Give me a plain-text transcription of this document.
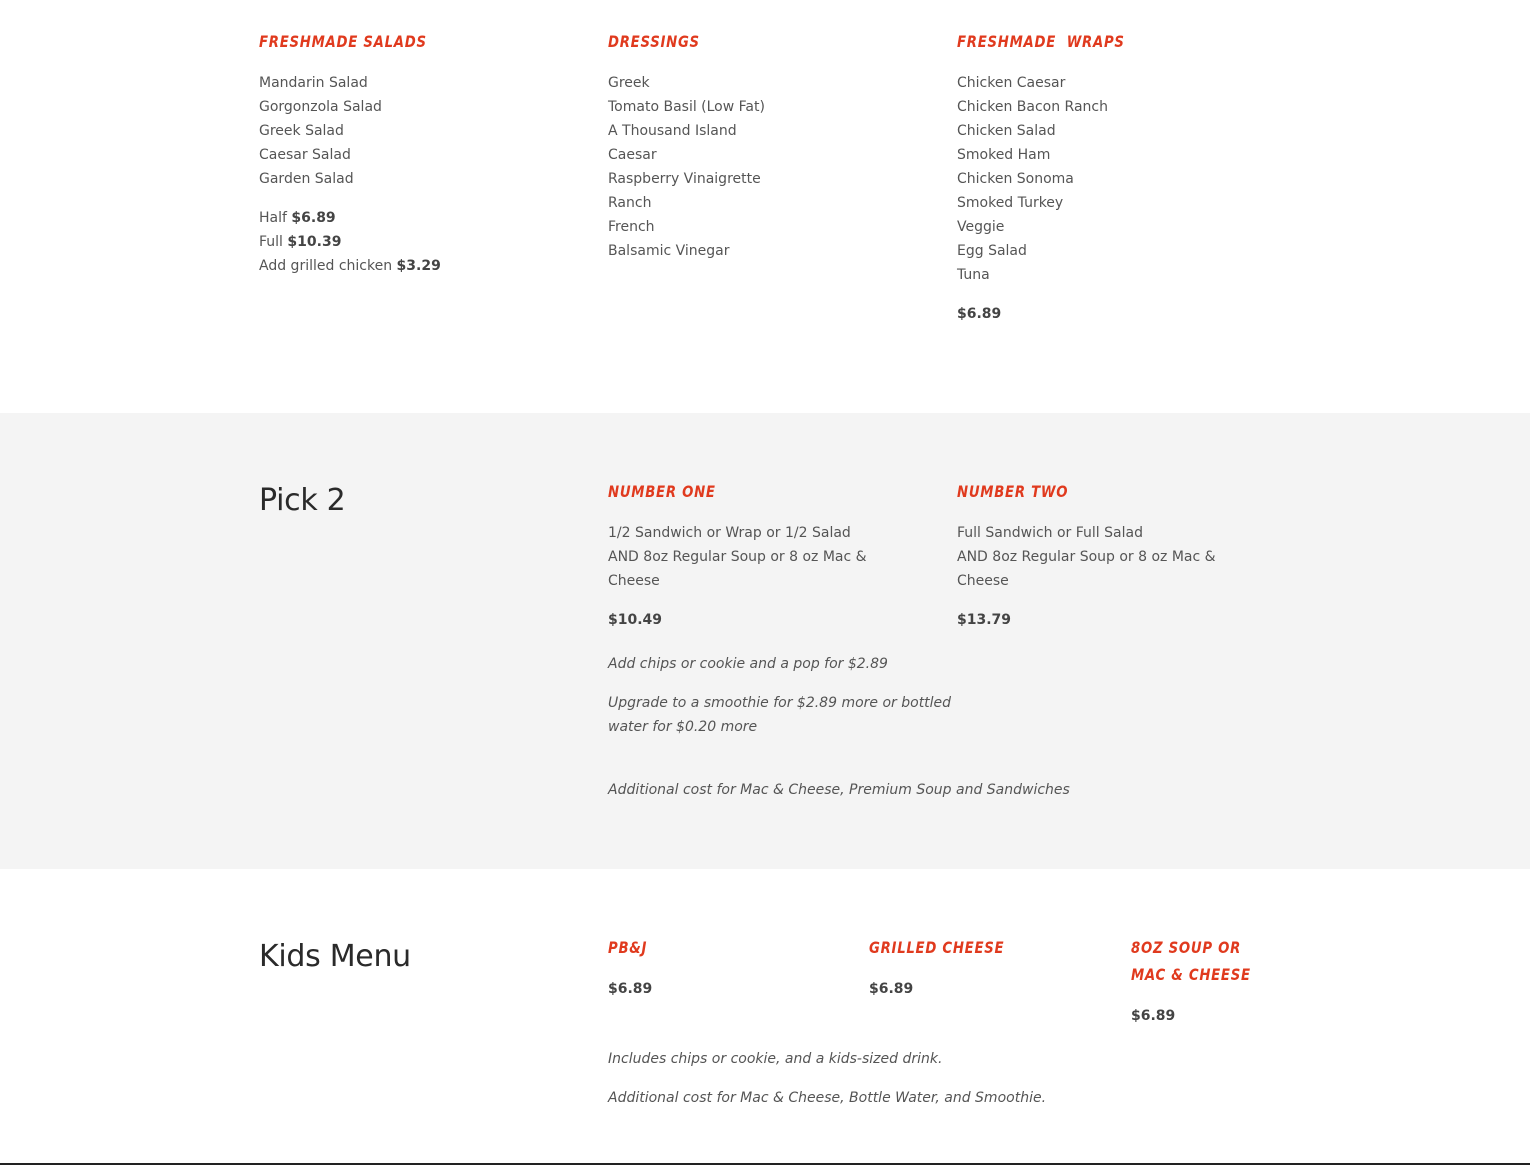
FRESHMADE SALADS
Mandarin Salad
Gorgonzola Salad
Greek Salad
Caesar Salad
Garden Salad
Half $6.89
Full $10.39
Add grilled chicken $3.29
DRESSINGS
Greek
Tomato Basil (Low Fat)
A Thousand Island
Caesar
Raspberry Vinaigrette
Ranch
French
Balsamic Vinegar
FRESHMADE  WRAPS
Chicken Caesar
Chicken Bacon Ranch
Chicken Salad
Smoked Ham
Chicken Sonoma
Smoked Turkey
Veggie
Egg Salad
Tuna
$6.89
Pick 2	NUMBER ONE
1/2 Sandwich or Wrap or 1/2 Salad
AND 8oz Regular Soup or 8 oz Mac &
Cheese
$10.49
NUMBER TWO
Full Sandwich or Full Salad
AND 8oz Regular Soup or 8 oz Mac &
Cheese
$13.79

Add chips or cookie and a pop for $2.89

Upgrade to a smoothie for $2.89 more or bottled
water for $0.20 more

Additional cost for Mac & Cheese, Premium Soup and Sandwiches

Kids Menu	PB&J
$6.89
GRILLED CHEESE
$6.89
8OZ SOUP OR MAC & CHEESE
$6.89

Includes chips or cookie, and a kids-sized drink.

Additional cost for Mac & Cheese, Bottle Water, and Smoothie.
